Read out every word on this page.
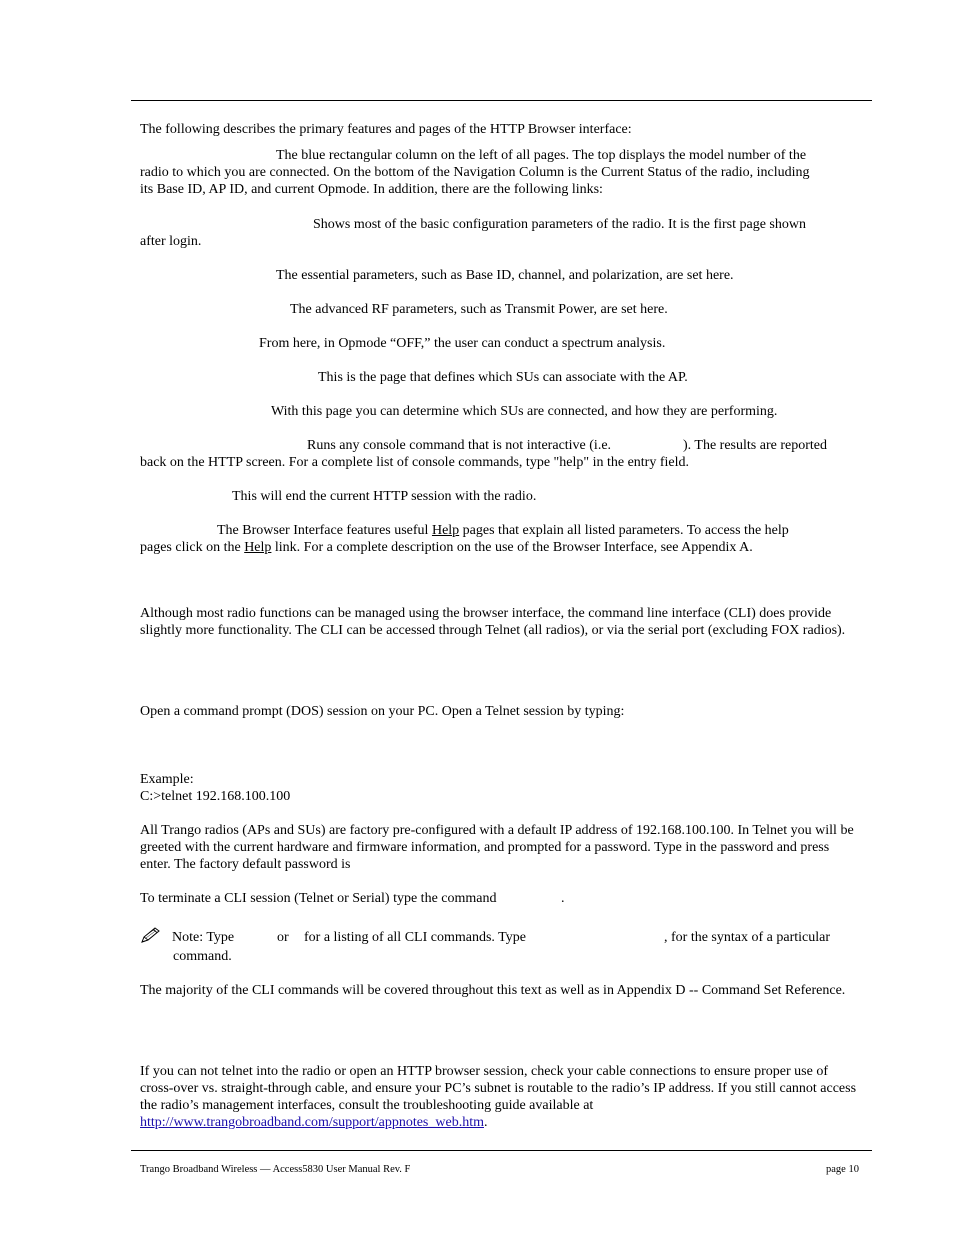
The following describes the primary features and pages of the HTTP Browser interface:

The blue rectangular column on the left of all pages. The top displays the model number of the

radio to which you are connected. On the bottom of the Navigation Column is the Current Status of the radio, including

its Base ID, AP ID, and current Opmode. In addition, there are the following links:

Shows most of the basic configuration parameters of the radio. It is the first page shown

after login.

The essential parameters, such as Base ID, channel, and polarization, are set here.

The advanced RF parameters, such as Transmit Power, are set here.

From here, in Opmode “OFF,” the user can conduct a spectrum analysis.

This is the page that defines which SUs can associate with the AP.

With this page you can determine which SUs are connected, and how they are performing.

Runs any console command that is not interactive (i.e.	). The results are reported

back on the HTTP screen. For a complete list of console commands, type "help" in the entry field.

This will end the current HTTP session with the radio.

The Browser Interface features useful Help pages that explain all listed parameters. To access the help

pages click on the Help link. For a complete description on the use of the Browser Interface, see Appendix A.

Although most radio functions can be managed using the browser interface, the command line interface (CLI) does provide slightly more functionality. The CLI can be accessed through Telnet (all radios), or via the serial port (excluding FOX radios).

Open a command prompt (DOS) session on your PC. Open a Telnet session by typing:

Example:

C:>telnet 192.168.100.100

All Trango radios (APs and SUs) are factory pre-configured with a default IP address of 192.168.100.100. In Telnet you will be greeted with the current hardware and firmware information, and prompted for a password. Type in the password and press enter. The factory default password is

To terminate a CLI session (Telnet or Serial) type the command	.

Note: Type	or for a listing of all CLI commands. Type	, for the syntax of a particular

command.

The majority of the CLI commands will be covered throughout this text as well as in Appendix D -- Command Set Reference.

If you can not telnet into the radio or open an HTTP browser session, check your cable connections to ensure proper use of cross-over vs. straight-through cable, and ensure your PC’s subnet is routable to the radio’s IP address. If you still cannot access the radio’s management interfaces, consult the troubleshooting guide available at http://www.trangobroadband.com/support/appnotes_web.htm.

Trango Broadband Wireless — Access5830 User Manual Rev. F	page 10
